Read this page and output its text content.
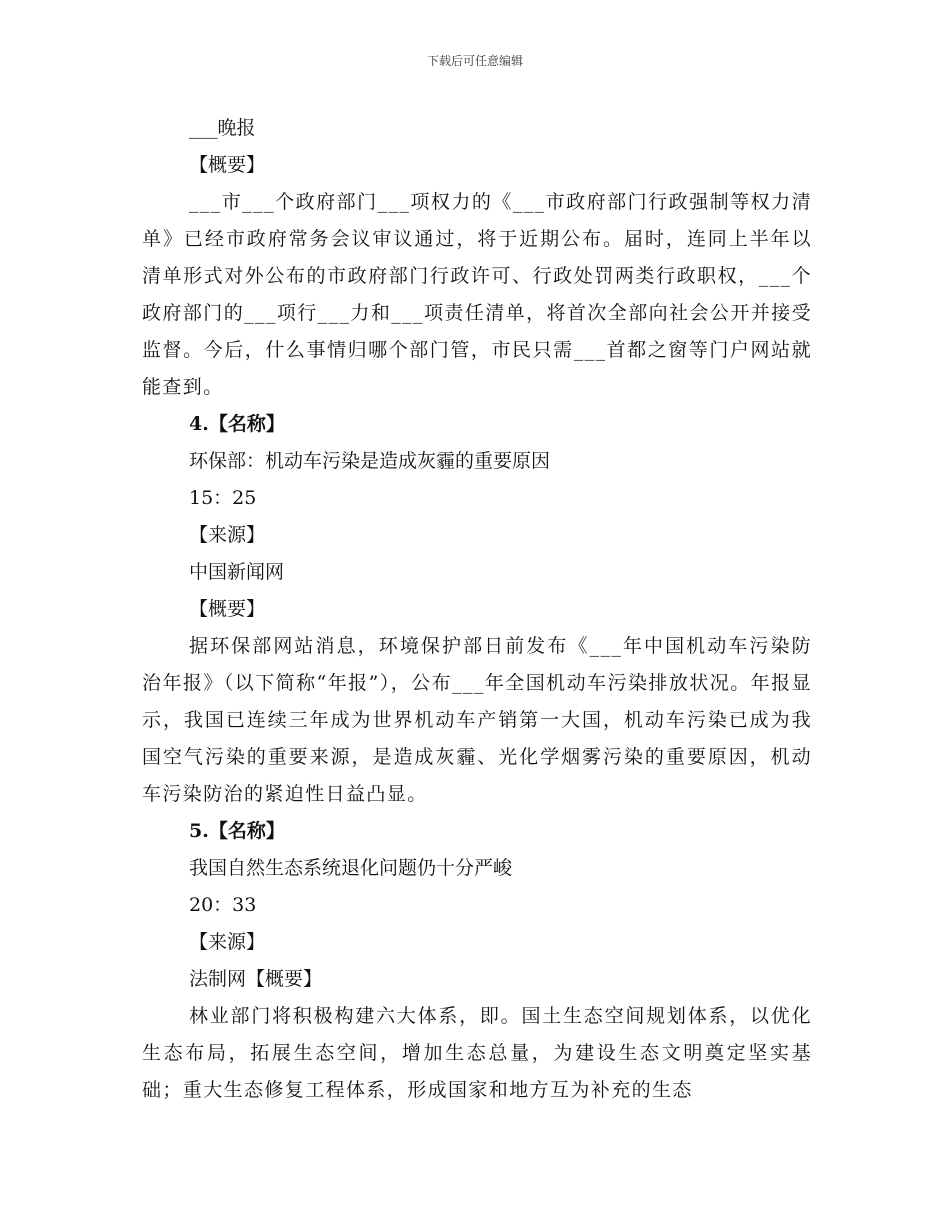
下载后可任意编辑

___晚报

【概要】

___市___个政府部门___项权力的《___市政府部门行政强制等权力清单》已经市政府常务会议审议通过，将于近期公布。届时，连同上半年以清单形式对外公布的市政府部门行政许可、行政处罚两类行政职权，___个政府部门的___项行___力和___项责任清单，将首次全部向社会公开并接受监督。今后，什么事情归哪个部门管，市民只需___首都之窗等门户网站就能查到。

4.【名称】

环保部：机动车污染是造成灰霾的重要原因

15：25

【来源】

中国新闻网

【概要】

据环保部网站消息，环境保护部日前发布《___年中国机动车污染防治年报》（以下简称“年报”），公布___年全国机动车污染排放状况。年报显示，我国已连续三年成为世界机动车产销第一大国，机动车污染已成为我国空气污染的重要来源，是造成灰霾、光化学烟雾污染的重要原因，机动车污染防治的紧迫性日益凸显。

5.【名称】

我国自然生态系统退化问题仍十分严峻

20：33

【来源】

法制网【概要】

林业部门将积极构建六大体系，即。国土生态空间规划体系，以优化生态布局，拓展生态空间，增加生态总量，为建设生态文明奠定坚实基础；重大生态修复工程体系，形成国家和地方互为补充的生态
